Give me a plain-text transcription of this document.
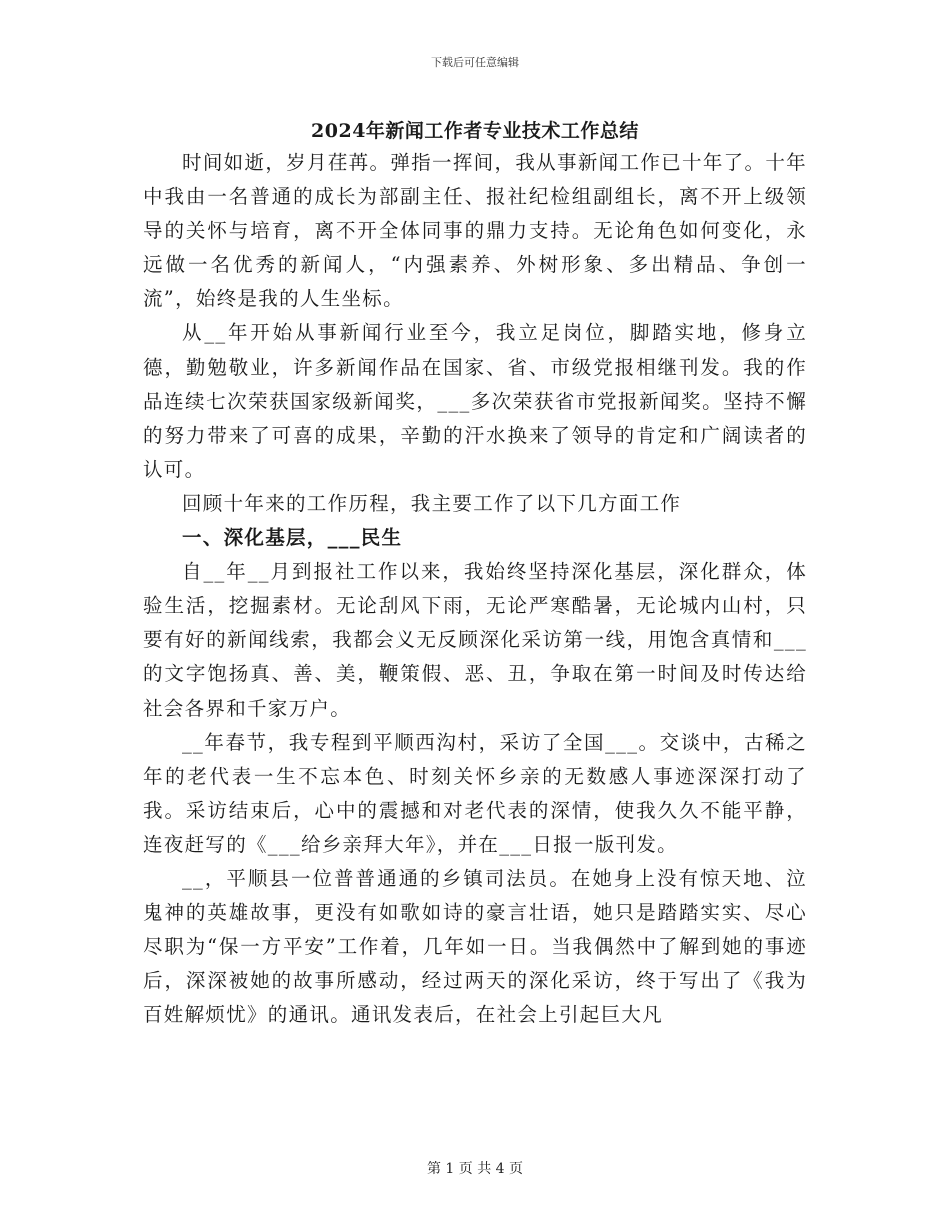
下载后可任意编辑
2024年新闻工作者专业技术工作总结

时间如逝，岁月荏苒。弹指一挥间，我从事新闻工作已十年了。十年中我由一名普通的成长为部副主任、报社纪检组副组长，离不开上级领导的关怀与培育，离不开全体同事的鼎力支持。无论角色如何变化，永远做一名优秀的新闻人，“内强素养、外树形象、多出精品、争创一流”，始终是我的人生坐标。

从__年开始从事新闻行业至今，我立足岗位，脚踏实地，修身立德，勤勉敬业，许多新闻作品在国家、省、市级党报相继刊发。我的作品连续七次荣获国家级新闻奖，___多次荣获省市党报新闻奖。坚持不懈的努力带来了可喜的成果，辛勤的汗水换来了领导的肯定和广阔读者的认可。

回顾十年来的工作历程，我主要工作了以下几方面工作

一、深化基层，___民生

自__年__月到报社工作以来，我始终坚持深化基层，深化群众，体验生活，挖掘素材。无论刮风下雨，无论严寒酷暑，无论城内山村，只要有好的新闻线索，我都会义无反顾深化采访第一线，用饱含真情和___的文字饱扬真、善、美，鞭策假、恶、丑，争取在第一时间及时传达给社会各界和千家万户。

__年春节，我专程到平顺西沟村，采访了全国___。交谈中，古稀之年的老代表一生不忘本色、时刻关怀乡亲的无数感人事迹深深打动了我。采访结束后，心中的震撼和对老代表的深情，使我久久不能平静，连夜赶写的《___给乡亲拜大年》，并在___日报一版刊发。

__，平顺县一位普普通通的乡镇司法员。在她身上没有惊天地、泣鬼神的英雄故事，更没有如歌如诗的豪言壮语，她只是踏踏实实、尽心尽职为“保一方平安”工作着，几年如一日。当我偶然中了解到她的事迹后，深深被她的故事所感动，经过两天的深化采访，终于写出了《我为百姓解烦忧》的通讯。通讯发表后，在社会上引起巨大凡

第 1 页 共 4 页
